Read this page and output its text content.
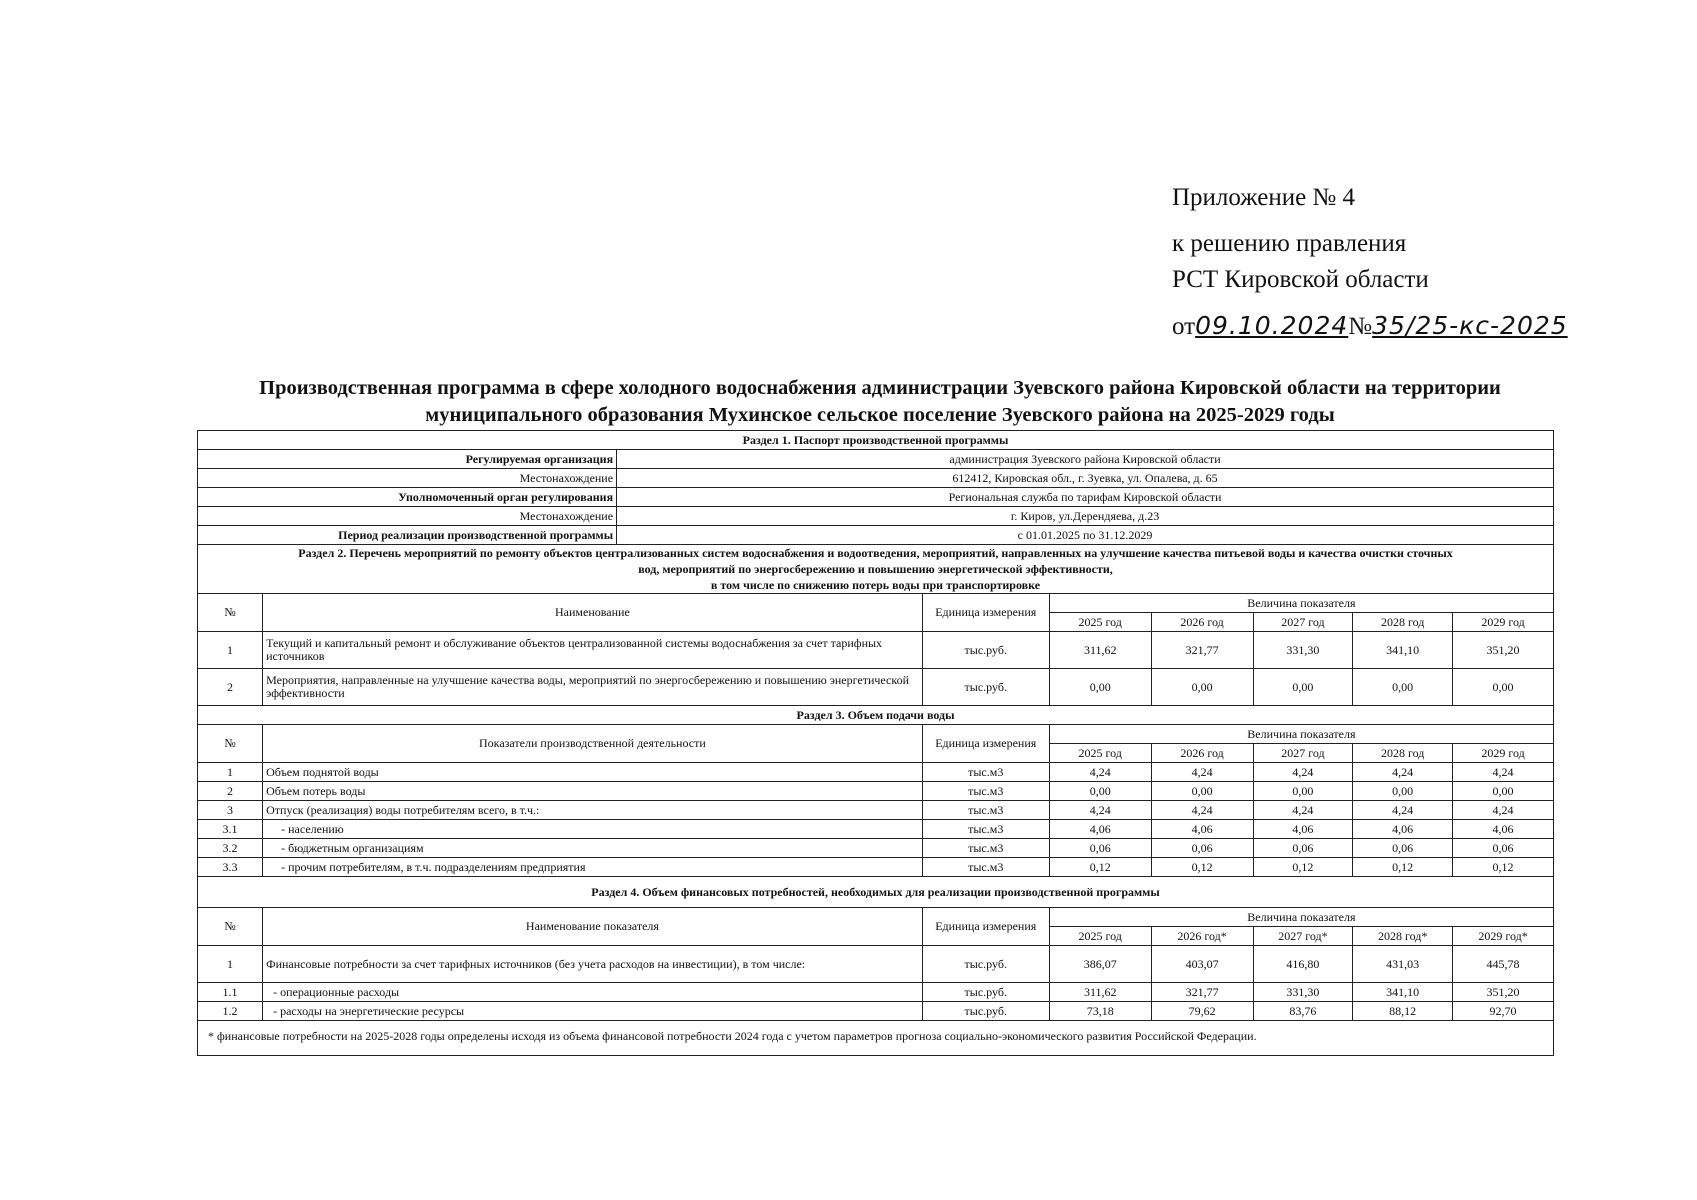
Приложение № 4
к решению правления
РСТ Кировской области
от09.10.2024№35/25-кс-2025
Производственная программа в сфере холодного водоснабжения администрации Зуевского района Кировской области на территории
муниципального образования Мухинское сельское поселение Зуевского района на 2025-2029 годы
Раздел 1. Паспорт производственной программы								
Регулируемая организация		администрация Зуевского района Кировской области						
Местонахождение		612412, Кировская обл., г. Зуевка, ул. Опалева, д. 65						
Уполномоченный орган регулирования		Региональная служба по тарифам Кировской области						
Местонахождение		г. Киров, ул.Дерендяева, д.23						
Период реализации производственной программы		с 01.01.2025 по 31.12.2029						

Раздел 2. Перечень мероприятий по ремонту объектов централизованных систем водоснабжения и водоотведения, мероприятий, направленных на улучшение качества питьевой воды и качества очистки сточных
вод, мероприятий по энергосбережению и повышению энергетической эффективности,
в том числе по снижению потерь воды при транспортировке								

№	Наименование		Единица измерения	Величина показателя				
				2025 год	2026 год	2027 год	2028 год	2029 год
1	Текущий и капитальный ремонт и обслуживание объектов централизованной системы водоснабжения за счет тарифных источников		тыс.руб.	311,62	321,77	331,30	341,10	351,20
2	Мероприятия, направленные на улучшение качества воды, мероприятий по энергосбережению и повышению энергетической эффективности		тыс.руб.	0,00	0,00	0,00	0,00	0,00
Раздел 3. Объем подачи воды								
№	Показатели производственной деятельности		Единица измерения	Величина показателя				
				2025 год	2026 год	2027 год	2028 год	2029 год
1	Объем поднятой воды		тыс.м3	4,24	4,24	4,24	4,24	4,24
2	Объем потерь воды		тыс.м3	0,00	0,00	0,00	0,00	0,00
3	Отпуск (реализация) воды потребителям всего, в т.ч.:		тыс.м3	4,24	4,24	4,24	4,24	4,24
3.1	- населению		тыс.м3	4,06	4,06	4,06	4,06	4,06
3.2	- бюджетным организациям		тыс.м3	0,06	0,06	0,06	0,06	0,06
3.3	- прочим потребителям, в т.ч. подразделениям предприятия		тыс.м3	0,12	0,12	0,12	0,12	0,12
Раздел 4. Объем финансовых потребностей, необходимых для реализации производственной программы								
№	Наименование показателя		Единица измерения	Величина показателя				
				2025 год	2026 год*	2027 год*	2028 год*	2029 год*
1	Финансовые потребности за счет тарифных источников (без учета расходов на инвестиции), в том числе:		тыс.руб.	386,07	403,07	416,80	431,03	445,78
1.1	- операционные расходы		тыс.руб.	311,62	321,77	331,30	341,10	351,20
1.2	- расходы на энергетические ресурсы		тыс.руб.	73,18	79,62	83,76	88,12	92,70
* финансовые потребности на 2025-2028 годы определены исходя из объема финансовой потребности 2024 года с учетом параметров прогноза социально-экономического развития Российской Федерации.								
